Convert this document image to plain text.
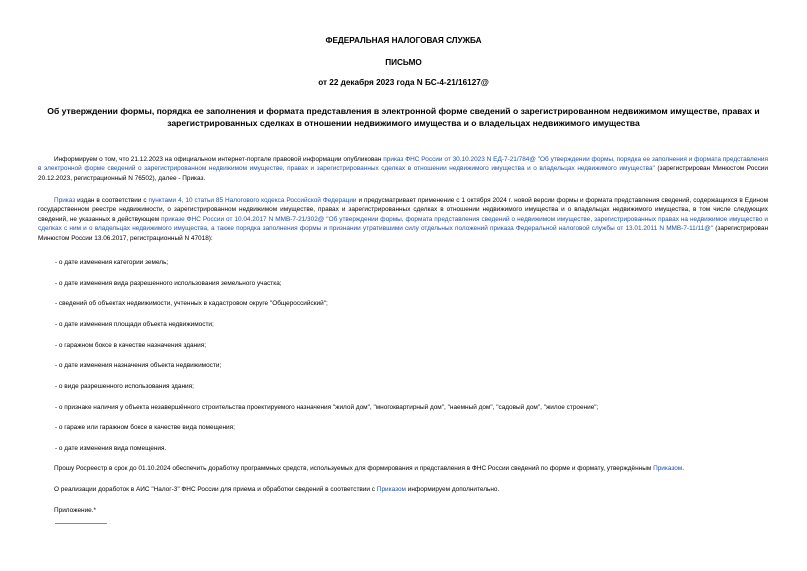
ФЕДЕРАЛЬНАЯ НАЛОГОВАЯ СЛУЖБА
ПИСЬМО
от 22 декабря 2023 года N БС-4-21/16127@
Об утверждении формы, порядка ее заполнения и формата представления в электронной форме сведений о зарегистрированном недвижимом имуществе, правах и зарегистрированных сделках в отношении недвижимого имущества и о владельцах недвижимого имущества
Информируем о том, что 21.12.2023 на официальном интернет-портале правовой информации опубликован приказ ФНС России от 30.10.2023 N ЕД-7-21/784@ "Об утверждении формы, порядка ее заполнения и формата представления в электронной форме сведений о зарегистрированном недвижимом имуществе, правах и зарегистрированных сделках в отношении недвижимого имущества и о владельцах недвижимого имущества" (зарегистрирован Минюстом России 20.12.2023, регистрационный N 76502), далее - Приказ.
Приказ издан в соответствии с пунктами 4, 10 статьи 85 Налогового кодекса Российской Федерации и предусматривает применение с 1 октября 2024 г. новой версии формы и формата представления сведений, содержащихся в Едином государственном реестре недвижимости, о зарегистрированном недвижимом имуществе, правах и зарегистрированных сделках в отношении недвижимого имущества и о владельцах недвижимого имущества, в том числе следующих сведений, не указанных в действующем приказе ФНС России от 10.04.2017 N ММВ-7-21/302@ "Об утверждении формы, формата представления сведений о недвижимом имуществе, зарегистрированных правах на недвижимое имущество и сделках с ним и о владельцах недвижимого имущества, а также порядка заполнения формы и признании утратившими силу отдельных положений приказа Федеральной налоговой службы от 13.01.2011 N ММВ-7-11/11@" (зарегистрирован Минюстом России 13.06.2017, регистрационный N 47018):
- о дате изменения категории земель;
- о дате изменения вида разрешенного использования земельного участка;
- сведений об объектах недвижимости, учтенных в кадастровом округе "Общероссийский";
- о дате изменения площади объекта недвижимости;
- о гаражном боксе в качестве назначения здания;
- о дате изменения назначения объекта недвижимости;
- о виде разрешенного использования здания;
- о признаке наличия у объекта незавершённого строительства проектируемого назначения "жилой дом", "многоквартирный дом", "наемный дом", "садовый дом", "жилое строение";
- о гараже или гаражном боксе в качестве вида помещения;
- о дате изменения вида помещения.
Прошу Росреестр в срок до 01.10.2024 обеспечить доработку программных средств, используемых для формирования и представления в ФНС России сведений по форме и формату, утверждённым Приказом.
О реализации доработок в АИС "Налог-3" ФНС России для приема и обработки сведений в соответствии с Приказом информируем дополнительно.
Приложение.*
